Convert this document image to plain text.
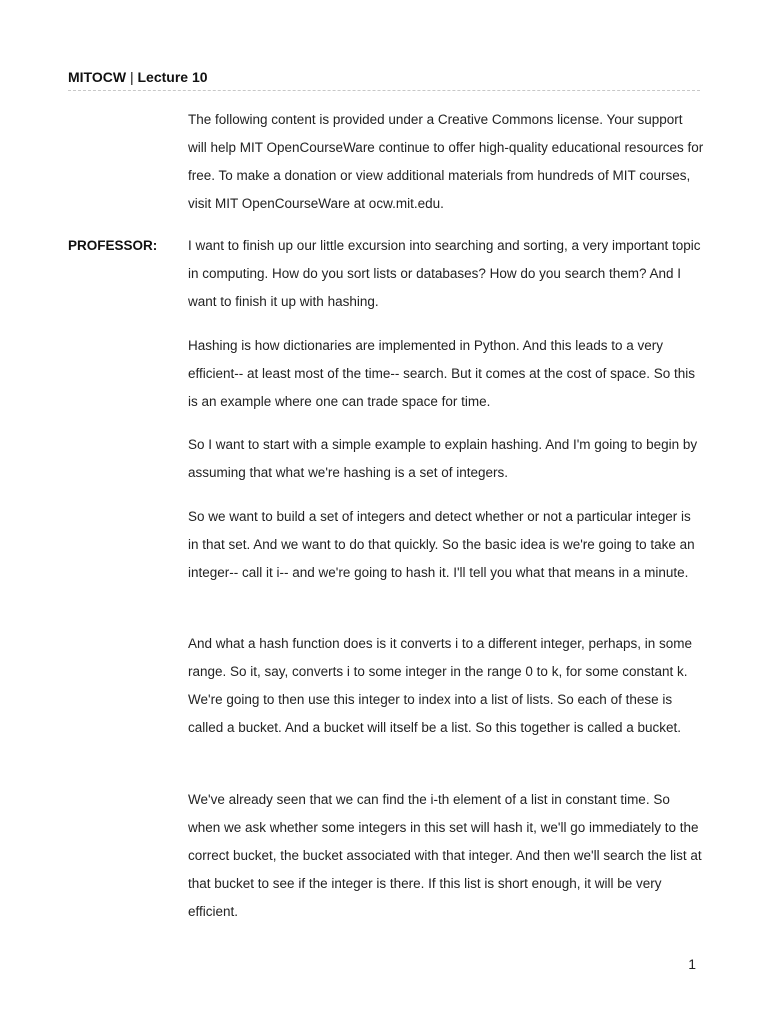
MITOCW | Lecture 10

The following content is provided under a Creative Commons license. Your support will help MIT OpenCourseWare continue to offer high-quality educational resources for free. To make a donation or view additional materials from hundreds of MIT courses, visit MIT OpenCourseWare at ocw.mit.edu.

PROFESSOR: I want to finish up our little excursion into searching and sorting, a very important topic in computing. How do you sort lists or databases? How do you search them? And I want to finish it up with hashing.

Hashing is how dictionaries are implemented in Python. And this leads to a very efficient-- at least most of the time-- search. But it comes at the cost of space. So this is an example where one can trade space for time.

So I want to start with a simple example to explain hashing. And I'm going to begin by assuming that what we're hashing is a set of integers.

So we want to build a set of integers and detect whether or not a particular integer is in that set. And we want to do that quickly. So the basic idea is we're going to take an integer-- call it i-- and we're going to hash it. I'll tell you what that means in a minute.

And what a hash function does is it converts i to a different integer, perhaps, in some range. So it, say, converts i to some integer in the range 0 to k, for some constant k. We're going to then use this integer to index into a list of lists. So each of these is called a bucket. And a bucket will itself be a list. So this together is called a bucket.

We've already seen that we can find the i-th element of a list in constant time. So when we ask whether some integers in this set will hash it, we'll go immediately to the correct bucket, the bucket associated with that integer. And then we'll search the list at that bucket to see if the integer is there. If this list is short enough, it will be very efficient.

1
